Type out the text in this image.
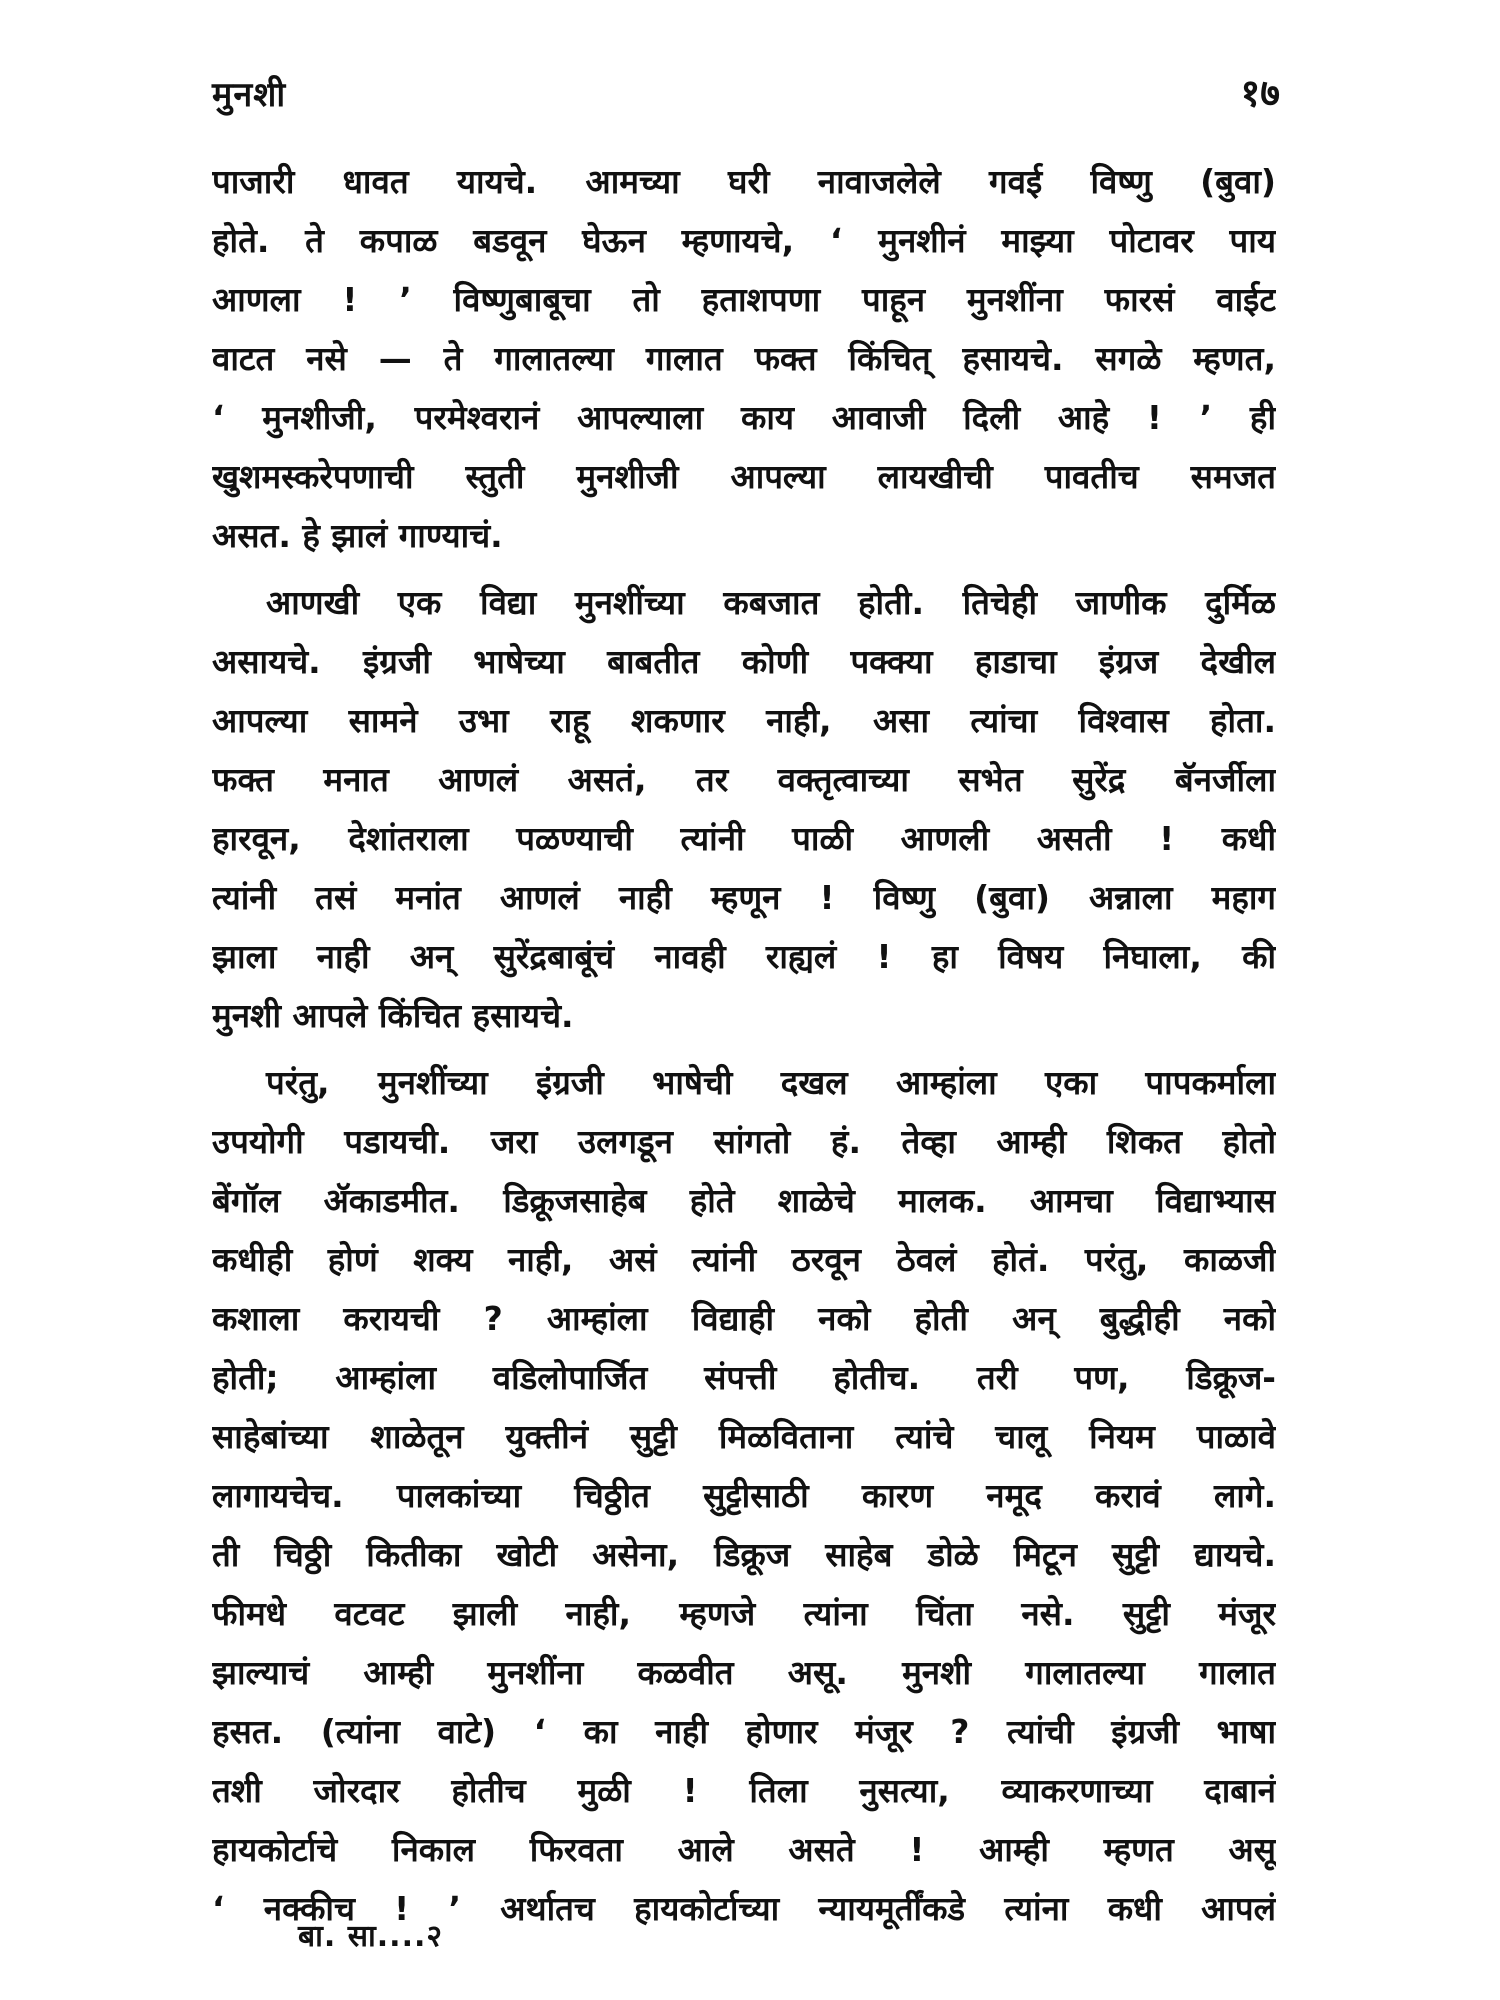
मुनशी	१७
पाजारी धावत यायचे. आमच्या घरी नावाजलेले गवई विष्णु (बुवा)
होते. ते कपाळ बडवून घेऊन म्हणायचे, ‘ मुनशीनं माझ्या पोटावर पाय
आणला ! ’ विष्णुबाबूचा तो हताशपणा पाहून मुनशींना फारसं वाईट
वाटत नसे — ते गालातल्या गालात फक्त किंचित् हसायचे. सगळे म्हणत,
‘ मुनशीजी, परमेश्वरानं आपल्याला काय आवाजी दिली आहे ! ’ ही
खुशमस्करेपणाची स्तुती मुनशीजी आपल्या लायखीची पावतीच समजत
असत. हे झालं गाण्याचं.
आणखी एक विद्या मुनशींच्या कबजात होती. तिचेही जाणीक दुर्मिळ
असायचे. इंग्रजी भाषेच्या बाबतीत कोणी पक्क्या हाडाचा इंग्रज देखील
आपल्या सामने उभा राहू शकणार नाही, असा त्यांचा विश्वास होता.
फक्त मनात आणलं असतं, तर वक्तृत्वाच्या सभेत सुरेंद्र बॅनर्जीला
हारवून, देशांतराला पळण्याची त्यांनी पाळी आणली असती ! कधी
त्यांनी तसं मनांत आणलं नाही म्हणून ! विष्णु (बुवा) अन्नाला महाग
झाला नाही अन् सुरेंद्रबाबूंचं नावही राह्यलं ! हा विषय निघाला, की
मुनशी आपले किंचित हसायचे.
परंतु, मुनशींच्या इंग्रजी भाषेची दखल आम्हांला एका पापकर्माला
उपयोगी पडायची. जरा उलगडून सांगतो हं. तेव्हा आम्ही शिकत होतो
बेंगॉल ॲकाडमीत. डिक्रूजसाहेब होते शाळेचे मालक. आमचा विद्याभ्यास
कधीही होणं शक्य नाही, असं त्यांनी ठरवून ठेवलं होतं. परंतु, काळजी
कशाला करायची ? आम्हांला विद्याही नको होती अन् बुद्धीही नको
होती; आम्हांला वडिलोपार्जित संपत्ती होतीच. तरी पण, डिक्रूज-
साहेबांच्या शाळेतून युक्तीनं सुट्टी मिळविताना त्यांचे चालू नियम पाळावे
लागायचेच. पालकांच्या चिठ्ठीत सुट्टीसाठी कारण नमूद करावं लागे.
ती चिठ्ठी कितीका खोटी असेना, डिक्रूज साहेब डोळे मिटून सुट्टी द्यायचे.
फीमधे वटवट झाली नाही, म्हणजे त्यांना चिंता नसे. सुट्टी मंजूर
झाल्याचं आम्ही मुनशींना कळवीत असू. मुनशी गालातल्या गालात
हसत. (त्यांना वाटे) ‘ का नाही होणार मंजूर ? त्यांची इंग्रजी भाषा
तशी जोरदार होतीच मुळी ! तिला नुसत्या, व्याकरणाच्या दाबानं
हायकोर्टाचे निकाल फिरवता आले असते ! आम्ही म्हणत असू
‘ नक्कीच ! ’ अर्थातच हायकोर्टाच्या न्यायमूर्तींकडे त्यांना कधी आपलं
बा. सा....२
